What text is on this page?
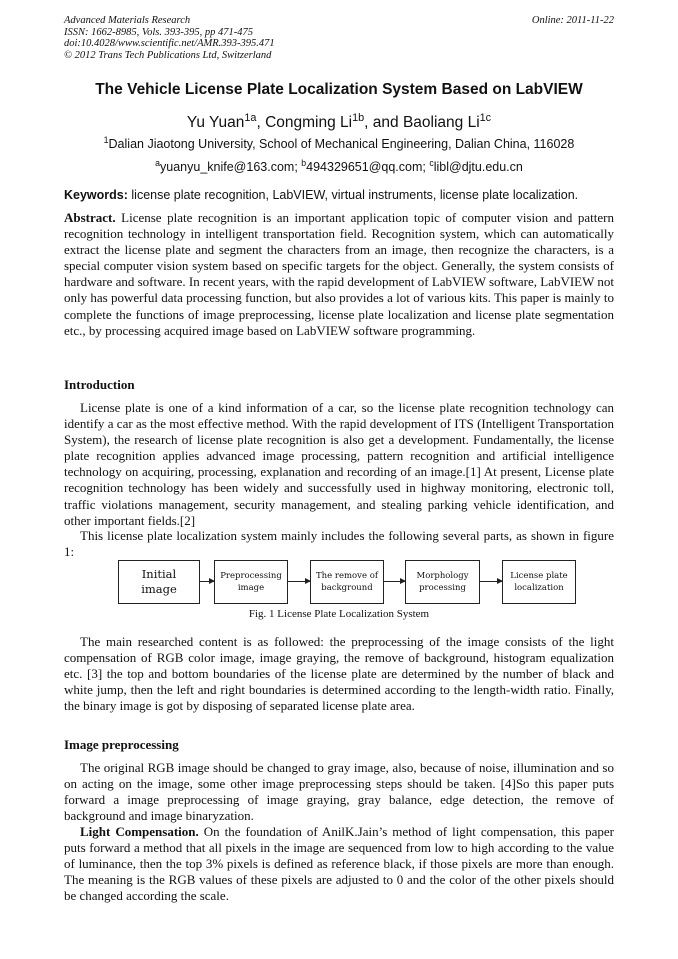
Advanced Materials Research
ISSN: 1662-8985, Vols. 393-395, pp 471-475
doi:10.4028/www.scientific.net/AMR.393-395.471
© 2012 Trans Tech Publications Ltd, Switzerland
Online: 2011-11-22
The Vehicle License Plate Localization System Based on LabVIEW
Yu Yuan$^{1a}$, Congming $Li^{1b}$, and Baoliang $Li^{1c}$
$^1$Dalian Jiaotong University, School of Mechanical Engineering, Dalian China, 116028
$^a$yuanyu_knife@163.com; $^b$494329651@qq.com; $^c$libl@djtu.edu.cn
Keywords: license plate recognition, LabVIEW, virtual instruments, license plate localization.
Abstract. License plate recognition is an important application topic of computer vision and pattern recognition technology in intelligent transportation field. Recognition system, which can automatically extract the license plate and segment the characters from an image, then recognize the characters, is a special computer vision system based on specific targets for the object. Generally, the system consists of hardware and software. In recent years, with the rapid development of LabVIEW software, LabVIEW not only has powerful data processing function, but also provides a lot of various kits. This paper is mainly to complete the functions of image preprocessing, license plate localization and license plate segmentation etc., by processing acquired image based on LabVIEW software programming.
Introduction
License plate is one of a kind information of a car, so the license plate recognition technology can identify a car as the most effective method. With the rapid development of ITS (Intelligent Transportation System), the research of license plate recognition is also get a development. Fundamentally, the license plate recognition applies advanced image processing, pattern recognition and artificial intelligence technology on acquiring, processing, explanation and recording of an image.[1] At present, License plate recognition technology has been widely and successfully used in highway monitoring, electronic toll, traffic violations management, security management, and stealing parking vehicle identification, and other important fields.[2]
This license plate localization system mainly includes the following several parts, as shown in figure 1:
Initial
image
Preprocessing
image
The remove of
background
Morphology
processing
License plate
localization
Fig. 1 License Plate Localization System
The main researched content is as followed: the preprocessing of the image consists of the light compensation of RGB color image, image graying, the remove of background, histogram equalization etc. [3] the top and bottom boundaries of the license plate are determined by the number of black and white jump, then the left and right boundaries is determined according to the length-width ratio. Finally, the binary image is got by disposing of separated license plate area.
Image preprocessing
The original RGB image should be changed to gray image, also, because of noise, illumination and so on acting on the image, some other image preprocessing steps should be taken. [4]So this paper puts forward a image preprocessing of image graying, gray balance, edge detection, the remove of background and image binaryzation.
Light Compensation. On the foundation of AnilK.Jain’s method of light compensation, this paper puts forward a method that all pixels in the image are sequenced from low to high according to the value of luminance, then the top 3% pixels is defined as reference black, if those pixels are more than enough. The meaning is the RGB values of these pixels are adjusted to 0 and the color of the other pixels should be changed according the scale.
